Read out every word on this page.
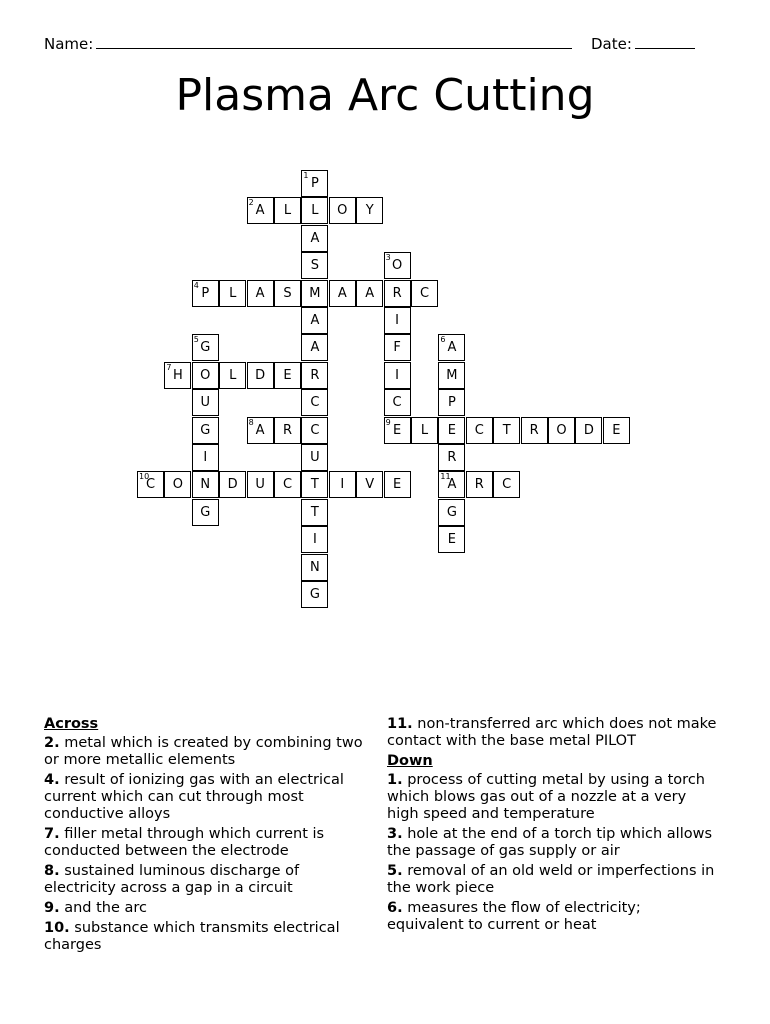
Name:	Date:
Plasma Arc Cutting
P
1
A
2
L	L	O	Y
A
S	O
3
P
4
L	A	S	M	A	A	R	C
A	I
G
5
A	F	A
6
H
7
O	L	D	E	R	I	M
U	C	C	P
G	A
8
R	C	E
9
L	E	C	T	R	O	D	E
I	U	R
C
10
O	N	D	U	C	T	I	V	E	A
11
R	C
G	T	G
I	E
N
G
Across
2. metal which is created by combining two or more metallic elements
4. result of ionizing gas with an electrical current which can cut through most conductive alloys
7. filler metal through which current is conducted between the electrode
8. sustained luminous discharge of electricity across a gap in a circuit
9. and the arc
10. substance which transmits electrical charges
11. non-transferred arc which does not make contact with the base metal PILOT
Down
1. process of cutting metal by using a torch which blows gas out of a nozzle at a very high speed and temperature
3. hole at the end of a torch tip which allows the passage of gas supply or air
5. removal of an old weld or imperfections in the work piece
6. measures the flow of electricity; equivalent to current or heat
